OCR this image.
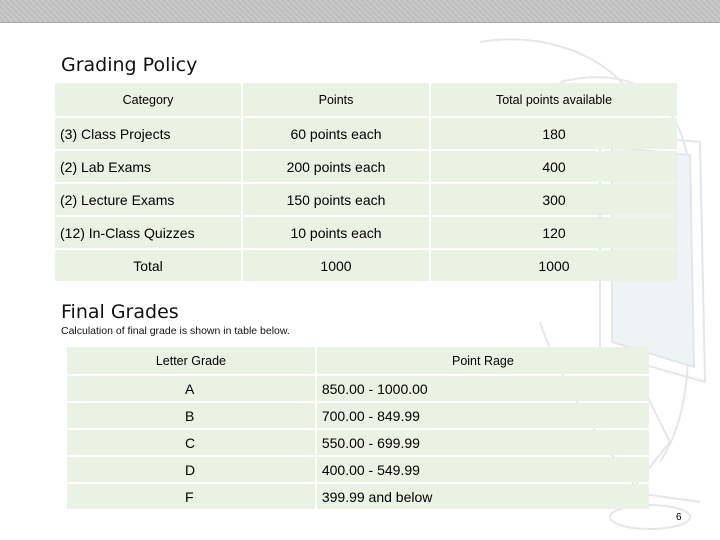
Grading Policy
Category	Points	Total points available
(3) Class Projects	60 points each	180
(2) Lab Exams	200 points each	400
(2) Lecture Exams	150 points each	300
(12) In-Class Quizzes	10 points each	120
Total	1000	1000
Final Grades
Calculation of final grade is shown in table below.
Letter Grade	Point Rage
A	850.00 - 1000.00
B	700.00 - 849.99
C	550.00 - 699.99
D	400.00 - 549.99
F	399.99 and below
6
